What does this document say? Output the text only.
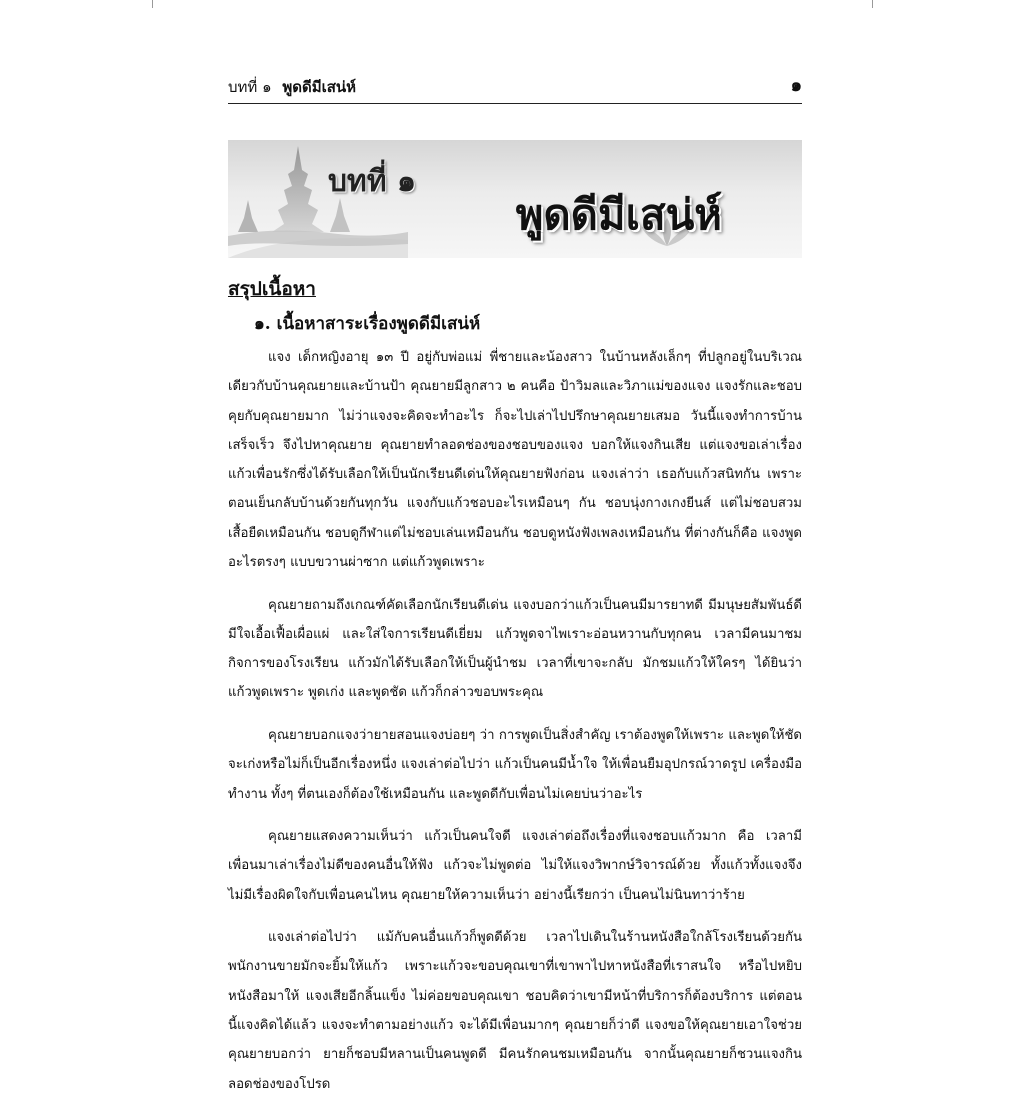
บทที่ ๑ พูดดีมีเสน่ห์	๑
บทที่ ๑
พูดดีมีเสน่ห์
สรุปเนื้อหา
๑. เนื้อหาสาระเรื่องพูดดีมีเสน่ห์

แจง เด็กหญิงอายุ ๑๓ ปี อยู่กับพ่อแม่ พี่ชายและน้องสาว ในบ้านหลังเล็กๆ ที่ปลูกอยู่ในบริเวณเดียวกับบ้านคุณยายและบ้านป้า คุณยายมีลูกสาว ๒ คนคือ ป้าวิมลและวิภาแม่ของแจง แจงรักและชอบคุยกับคุณยายมาก ไม่ว่าแจงจะคิดจะทำอะไร ก็จะไปเล่าไปปรึกษาคุณยายเสมอ วันนี้แจงทำการบ้านเสร็จเร็ว จึงไปหาคุณยาย คุณยายทำลอดช่องของชอบของแจง บอกให้แจงกินเสีย แต่แจงขอเล่าเรื่องแก้วเพื่อนรักซึ่งได้รับเลือกให้เป็นนักเรียนดีเด่นให้คุณยายฟังก่อน แจงเล่าว่า เธอกับแก้วสนิทกัน เพราะตอนเย็นกลับบ้านด้วยกันทุกวัน แจงกับแก้วชอบอะไรเหมือนๆ กัน ชอบนุ่งกางเกงยีนส์ แต่ไม่ชอบสวมเสื้อยืดเหมือนกัน ชอบดูกีฬาแต่ไม่ชอบเล่นเหมือนกัน ชอบดูหนังฟังเพลงเหมือนกัน ที่ต่างกันก็คือ แจงพูดอะไรตรงๆ แบบขวานผ่าซาก แต่แก้วพูดเพราะ

คุณยายถามถึงเกณฑ์คัดเลือกนักเรียนดีเด่น แจงบอกว่าแก้วเป็นคนมีมารยาทดี มีมนุษยสัมพันธ์ดี มีใจเอื้อเฟื้อเผื่อแผ่ และใส่ใจการเรียนดีเยี่ยม แก้วพูดจาไพเราะอ่อนหวานกับทุกคน เวลามีคนมาชมกิจการของโรงเรียน แก้วมักได้รับเลือกให้เป็นผู้นำชม เวลาที่เขาจะกลับ มักชมแก้วให้ใครๆ ได้ยินว่าแก้วพูดเพราะ พูดเก่ง และพูดชัด แก้วก็กล่าวขอบพระคุณ

คุณยายบอกแจงว่ายายสอนแจงบ่อยๆ ว่า การพูดเป็นสิ่งสำคัญ เราต้องพูดให้เพราะ และพูดให้ชัด จะเก่งหรือไม่ก็เป็นอีกเรื่องหนึ่ง แจงเล่าต่อไปว่า แก้วเป็นคนมีน้ำใจ ให้เพื่อนยืมอุปกรณ์วาดรูป เครื่องมือทำงาน ทั้งๆ ที่ตนเองก็ต้องใช้เหมือนกัน และพูดดีกับเพื่อนไม่เคยบ่นว่าอะไร

คุณยายแสดงความเห็นว่า แก้วเป็นคนใจดี แจงเล่าต่อถึงเรื่องที่แจงชอบแก้วมาก คือ เวลามีเพื่อนมาเล่าเรื่องไม่ดีของคนอื่นให้ฟัง แก้วจะไม่พูดต่อ ไม่ให้แจงวิพากษ์วิจารณ์ด้วย ทั้งแก้วทั้งแจงจึงไม่มีเรื่องผิดใจกับเพื่อนคนไหน คุณยายให้ความเห็นว่า อย่างนี้เรียกว่า เป็นคนไม่นินทาว่าร้าย

แจงเล่าต่อไปว่า แม้กับคนอื่นแก้วก็พูดดีด้วย เวลาไปเดินในร้านหนังสือใกล้โรงเรียนด้วยกัน พนักงานขายมักจะยิ้มให้แก้ว เพราะแก้วจะขอบคุณเขาที่เขาพาไปหาหนังสือที่เราสนใจ หรือไปหยิบหนังสือมาให้ แจงเสียอีกลิ้นแข็ง ไม่ค่อยขอบคุณเขา ชอบคิดว่าเขามีหน้าที่บริการก็ต้องบริการ แต่ตอนนี้แจงคิดได้แล้ว แจงจะทำตามอย่างแก้ว จะได้มีเพื่อนมากๆ คุณยายก็ว่าดี แจงขอให้คุณยายเอาใจช่วย คุณยายบอกว่า ยายก็ชอบมีหลานเป็นคนพูดดี มีคนรักคนชมเหมือนกัน จากนั้นคุณยายก็ชวนแจงกินลอดช่องของโปรด
